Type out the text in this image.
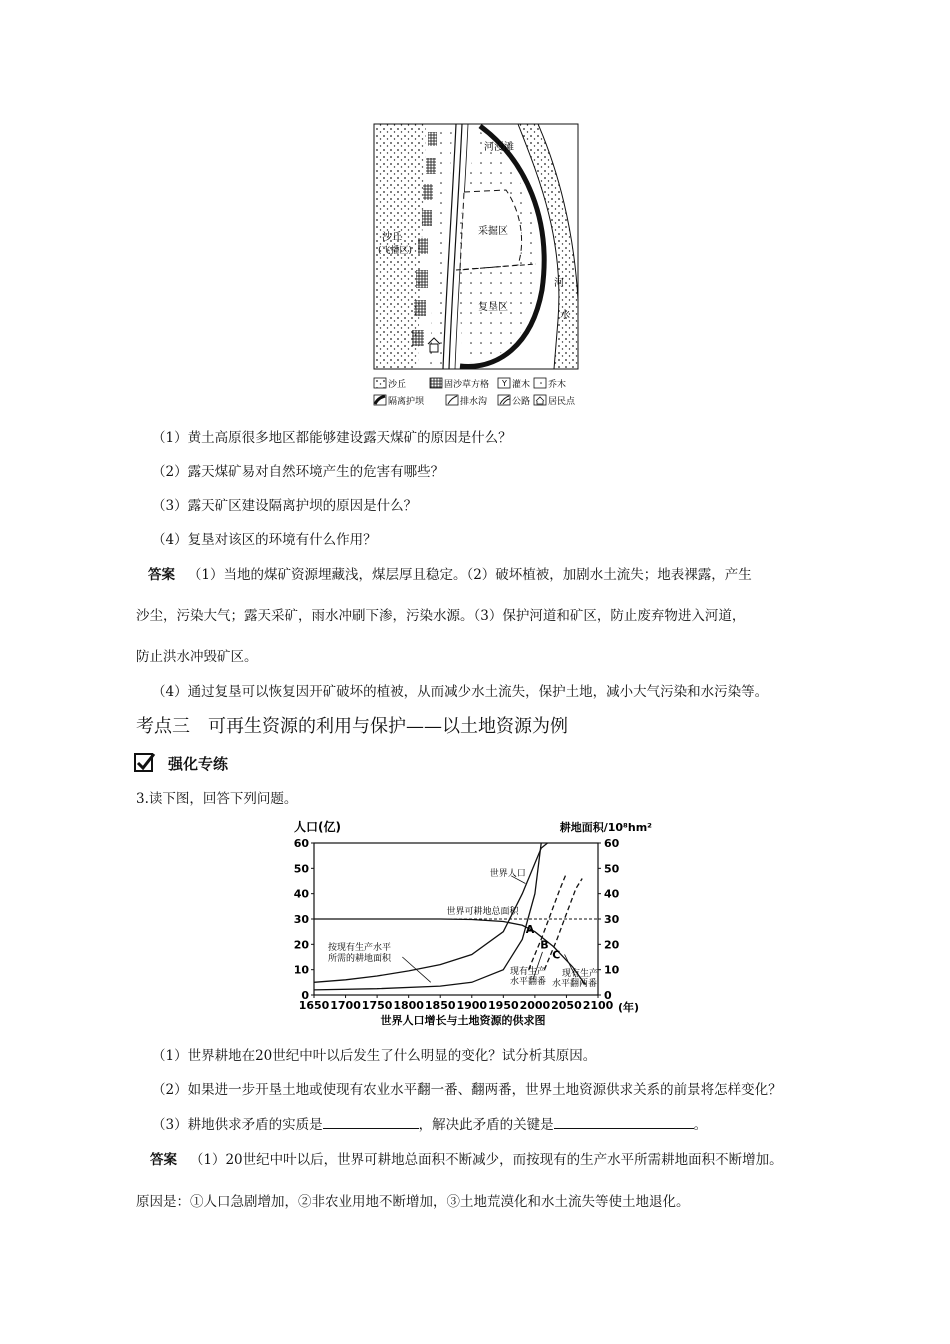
河漫滩
沙丘
(飞播区)
采掘区
复垦区
河
水
沙丘	固沙草方格 Y 灌木 乔木
隔离护坝	排水沟	公路 居民点
（1）黄土高原很多地区都能够建设露天煤矿的原因是什么？
（2）露天煤矿易对自然环境产生的危害有哪些？
（3）露天矿区建设隔离护坝的原因是什么？
（4）复垦对该区的环境有什么作用？
答案 （1）当地的煤矿资源埋藏浅，煤层厚且稳定。（2）破坏植被，加剧水土流失；地表裸露，产生
沙尘，污染大气；露天采矿，雨水冲刷下渗，污染水源。（3）保护河道和矿区，防止废弃物进入河道，
防止洪水冲毁矿区。
（4）通过复垦可以恢复因开矿破坏的植被，从而减少水土流失，保护土地，减小大气污染和水污染等。
考点三　可再生资源的利用与保护——以土地资源为例
强化专练
3.读下图，回答下列问题。
人口(亿)	耕地面积/10⁸hm²
(年)
世界人口增长与土地资源的供求图
0	0
10	10
20	20
30	30
40	40
50	50
60	60
1650 1700 1750 1800 1850 1900 1950 2000 2050 2100
世界人口
世界可耕地总面积
A
B
C
按现有生产水平
所需的耕地面积
现有生产
水平翻番
现有生产
水平翻两番
（1）世界耕地在20世纪中叶以后发生了什么明显的变化？试分析其原因。
（2）如果进一步开垦土地或使现有农业水平翻一番、翻两番，世界土地资源供求关系的前景将怎样变化？
（3）耕地供求矛盾的实质是	，解决此矛盾的关键是	。
答案 （1）20世纪中叶以后，世界可耕地总面积不断减少，而按现有的生产水平所需耕地面积不断增加。
原因是：①人口急剧增加，②非农业用地不断增加，③土地荒漠化和水土流失等使土地退化。
